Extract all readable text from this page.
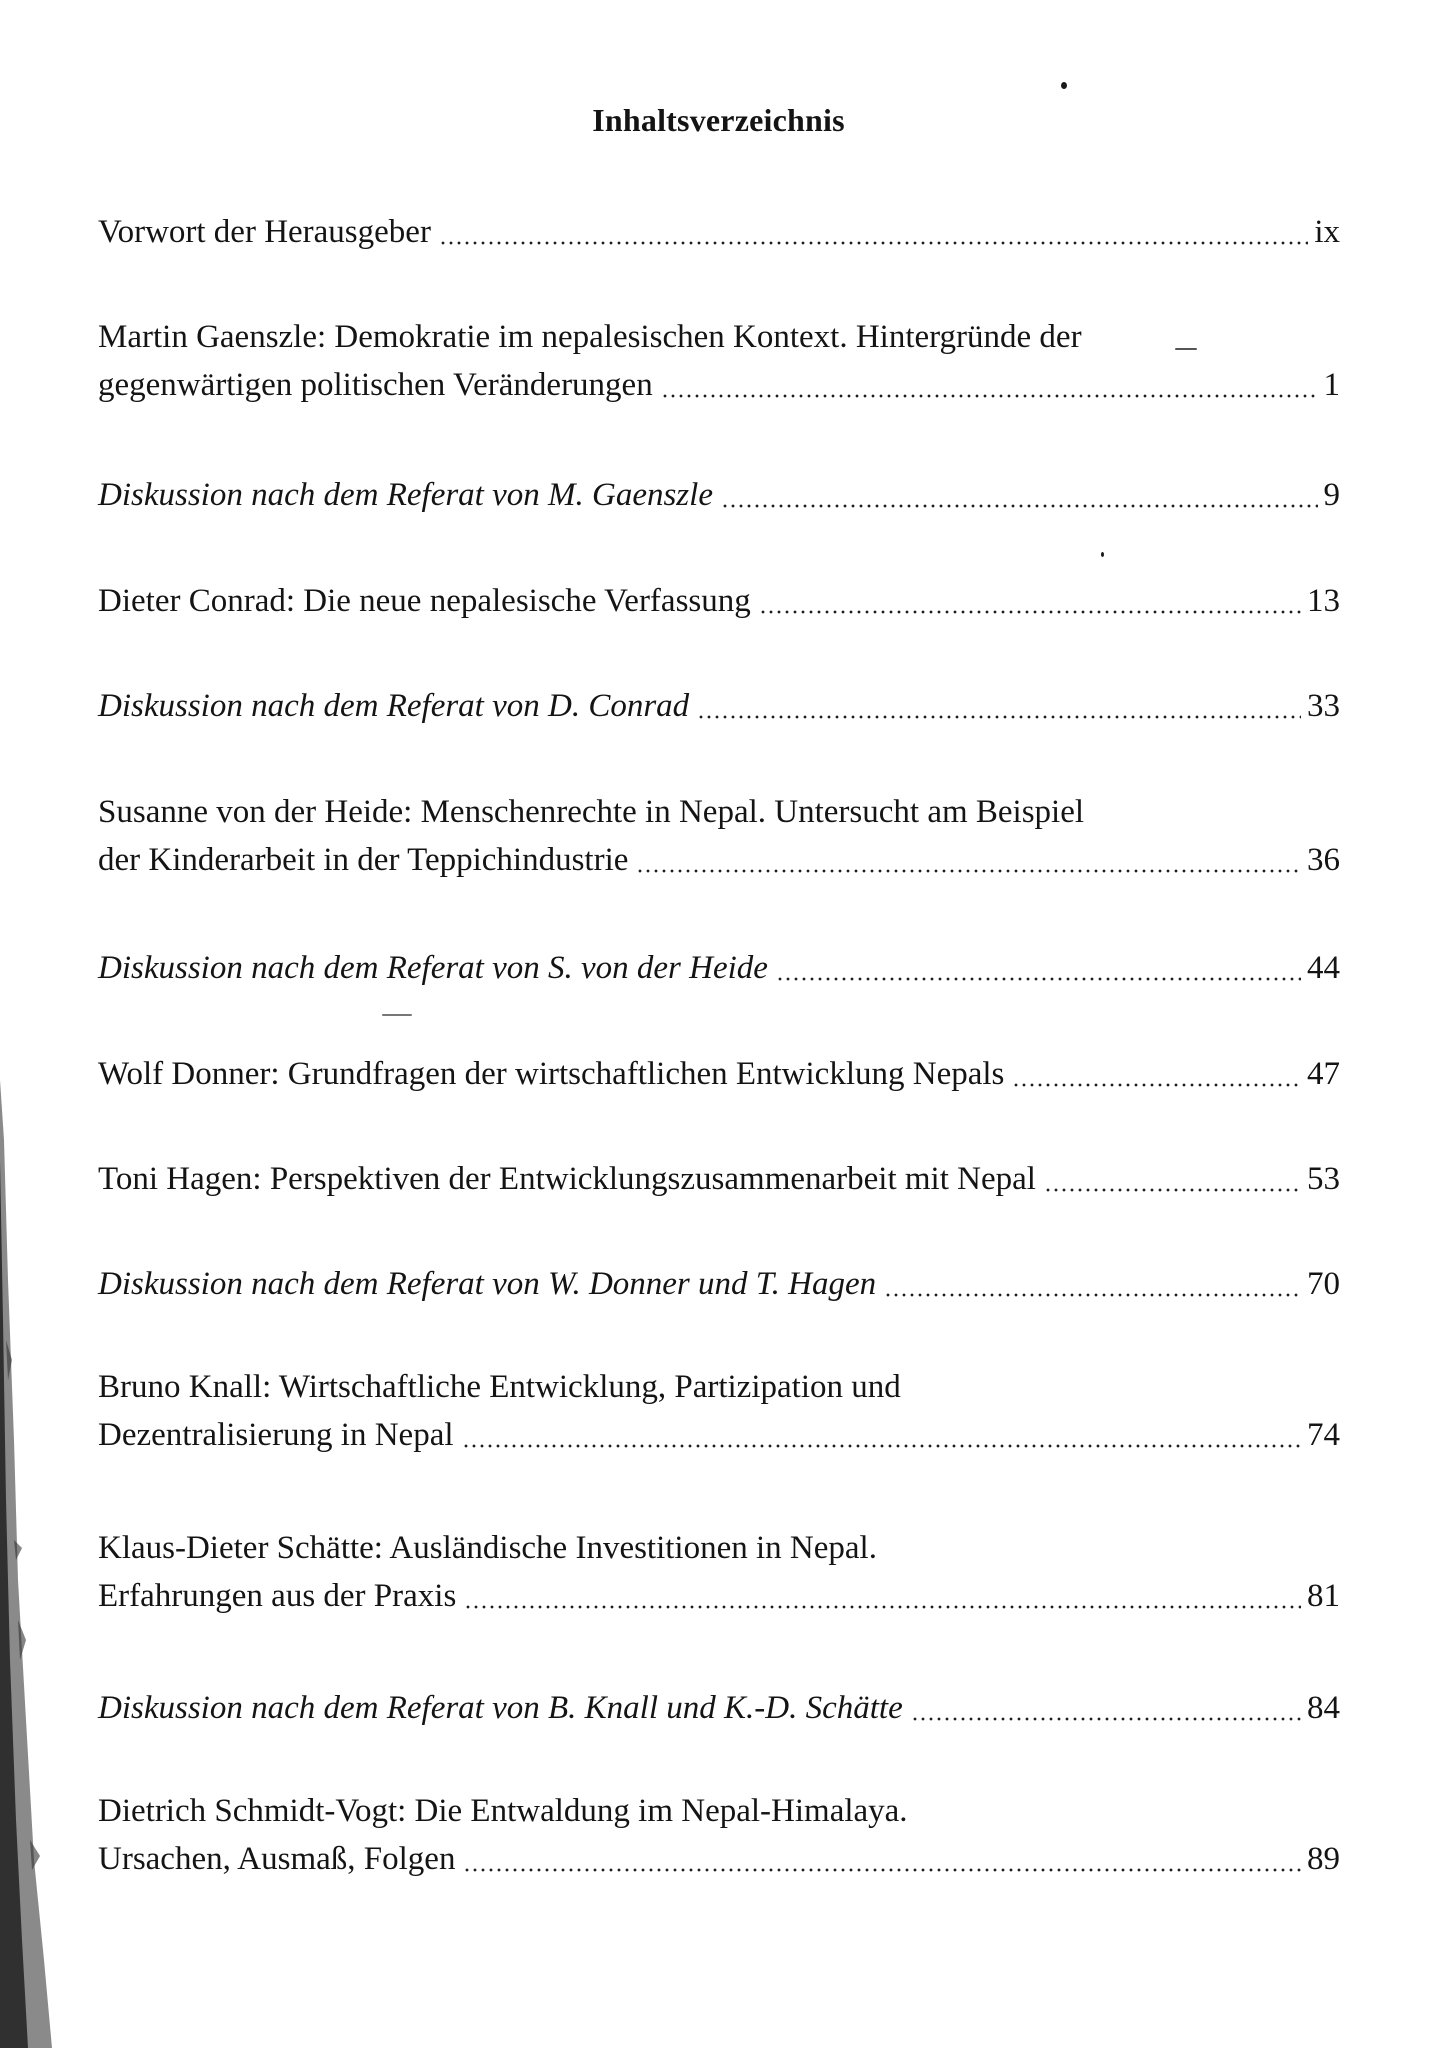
Inhaltsverzeichnis
Vorwort der Herausgeber	ix
Martin Gaenszle: Demokratie im nepalesischen Kontext. Hintergründe der
gegenwärtigen politischen Veränderungen	1
Diskussion nach dem Referat von M. Gaenszle	9
Dieter Conrad: Die neue nepalesische Verfassung	13
Diskussion nach dem Referat von D. Conrad	33
Susanne von der Heide: Menschenrechte in Nepal. Untersucht am Beispiel
der Kinderarbeit in der Teppichindustrie	36
Diskussion nach dem Referat von S. von der Heide	44
Wolf Donner: Grundfragen der wirtschaftlichen Entwicklung Nepals	47
Toni Hagen: Perspektiven der Entwicklungszusammenarbeit mit Nepal	53
Diskussion nach dem Referat von W. Donner und T. Hagen	70
Bruno Knall: Wirtschaftliche Entwicklung, Partizipation und
Dezentralisierung in Nepal	74
Klaus-Dieter Schätte: Ausländische Investitionen in Nepal.
Erfahrungen aus der Praxis	81
Diskussion nach dem Referat von B. Knall und K.-D. Schätte	84
Dietrich Schmidt-Vogt: Die Entwaldung im Nepal-Himalaya.
Ursachen, Ausmaß, Folgen	89
